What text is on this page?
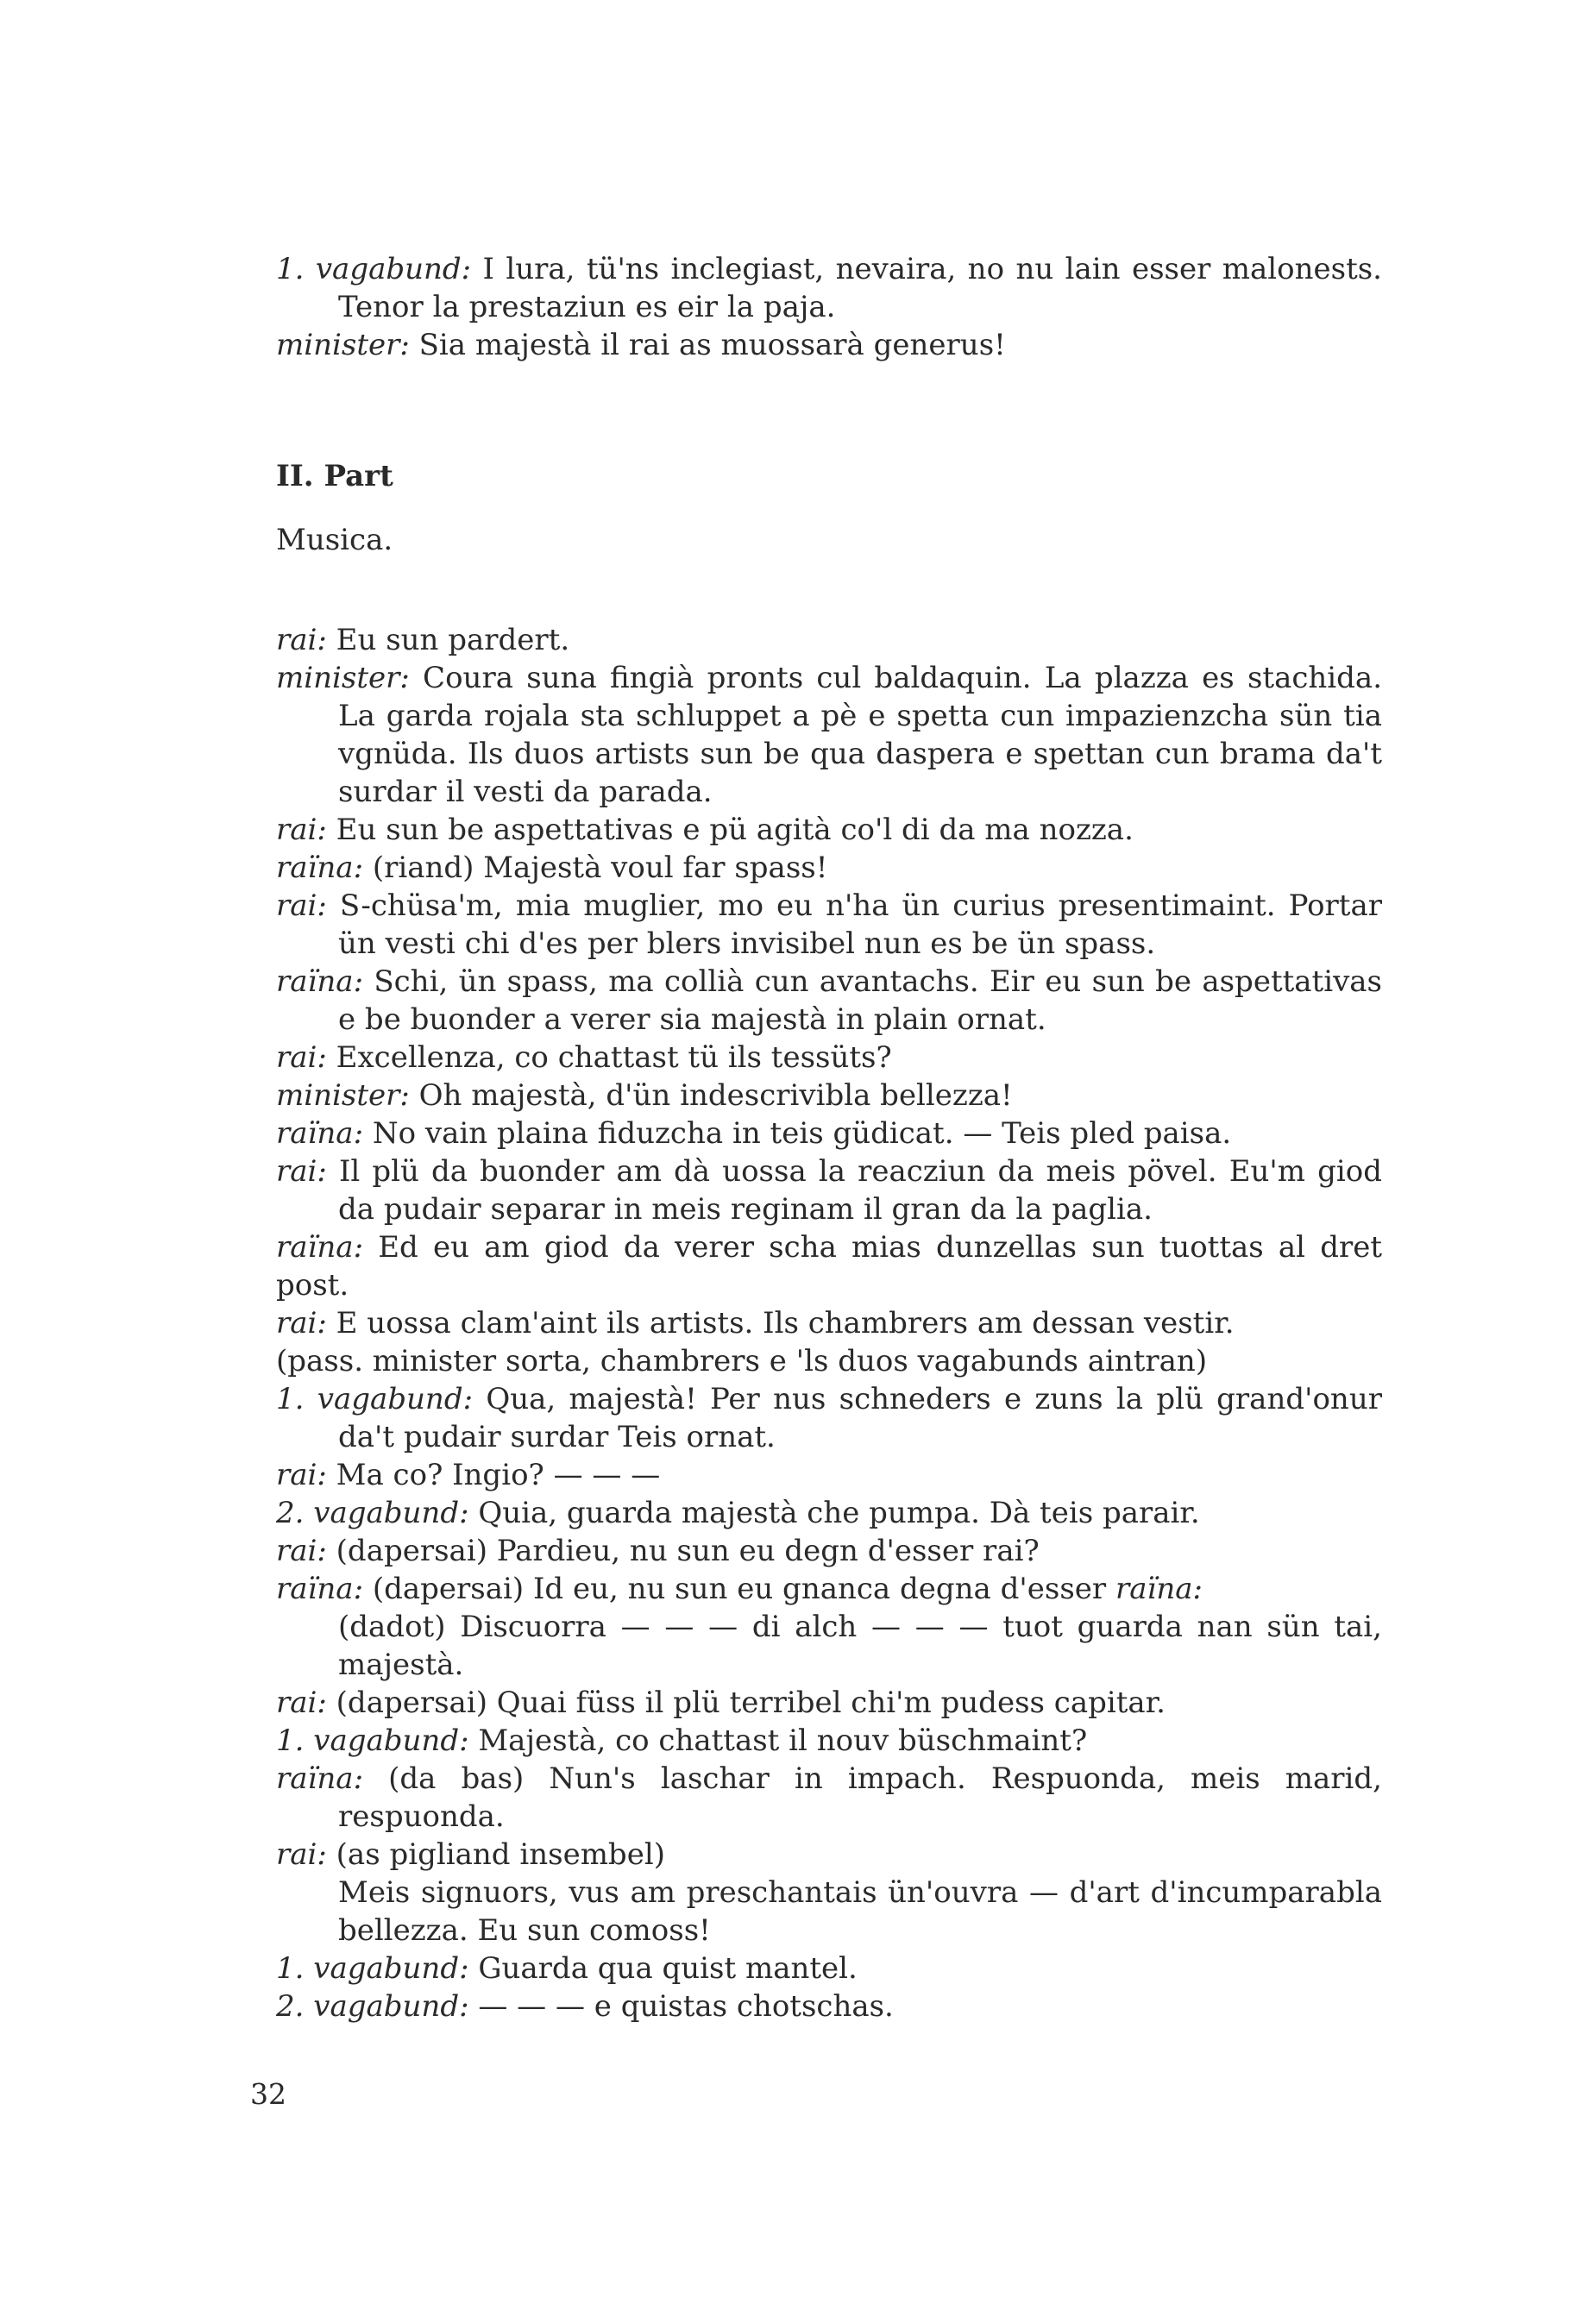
1. vagabund: I lura, tü'ns inclegiast, nevaira, no nu lain esser malonests. Tenor la prestaziun es eir la paja.

minister: Sia majestà il rai as muossarà generus!

II. Part

Musica.

rai: Eu sun pardert.

minister: Coura suna fingià pronts cul baldaquin. La plazza es stachida. La garda rojala sta schluppet a pè e spetta cun impazienzcha sün tia vgnüda. Ils duos artists sun be qua daspera e spettan cun brama da't surdar il vesti da parada.

rai: Eu sun be aspettativas e pü agità co'l di da ma nozza.

raïna: (riand) Majestà voul far spass!

rai: S-chüsa'm, mia muglier, mo eu n'ha ün curius presentimaint. Portar ün vesti chi d'es per blers invisibel nun es be ün spass.

raïna: Schi, ün spass, ma collià cun avantachs. Eir eu sun be aspettativas e be buonder a verer sia majestà in plain ornat.

rai: Excellenza, co chattast tü ils tessüts?

minister: Oh majestà, d'ün indescrivibla bellezza!

raïna: No vain plaina fiduzcha in teis güdicat. — Teis pled paisa.

rai: Il plü da buonder am dà uossa la reacziun da meis pövel. Eu'm giod da pudair separar in meis reginam il gran da la paglia.

raïna: Ed eu am giod da verer scha mias dunzellas sun tuottas al dret post.

rai: E uossa clam'aint ils artists. Ils chambrers am dessan vestir.

(pass. minister sorta, chambrers e 'ls duos vagabunds aintran)

1. vagabund: Qua, majestà! Per nus schneders e zuns la plü grand'onur da't pudair surdar Teis ornat.

rai: Ma co? Ingio? — — —

2. vagabund: Quia, guarda majestà che pumpa. Dà teis parair.

rai: (dapersai) Pardieu, nu sun eu degn d'esser rai?

raïna: (dapersai) Id eu, nu sun eu gnanca degna d'esser raïna:

(dadot) Discuorra — — — di alch — — — tuot guarda nan sün tai, majestà.

rai: (dapersai) Quai füss il plü terribel chi'm pudess capitar.

1. vagabund: Majestà, co chattast il nouv büschmaint?

raïna: (da bas) Nun's laschar in impach. Respuonda, meis marid, respuonda.

rai: (as pigliand insembel)

Meis signuors, vus am preschantais ün'ouvra — d'art d'incumparabla bellezza. Eu sun comoss!

1. vagabund: Guarda qua quist mantel.

2. vagabund: — — — e quistas chotschas.

32
